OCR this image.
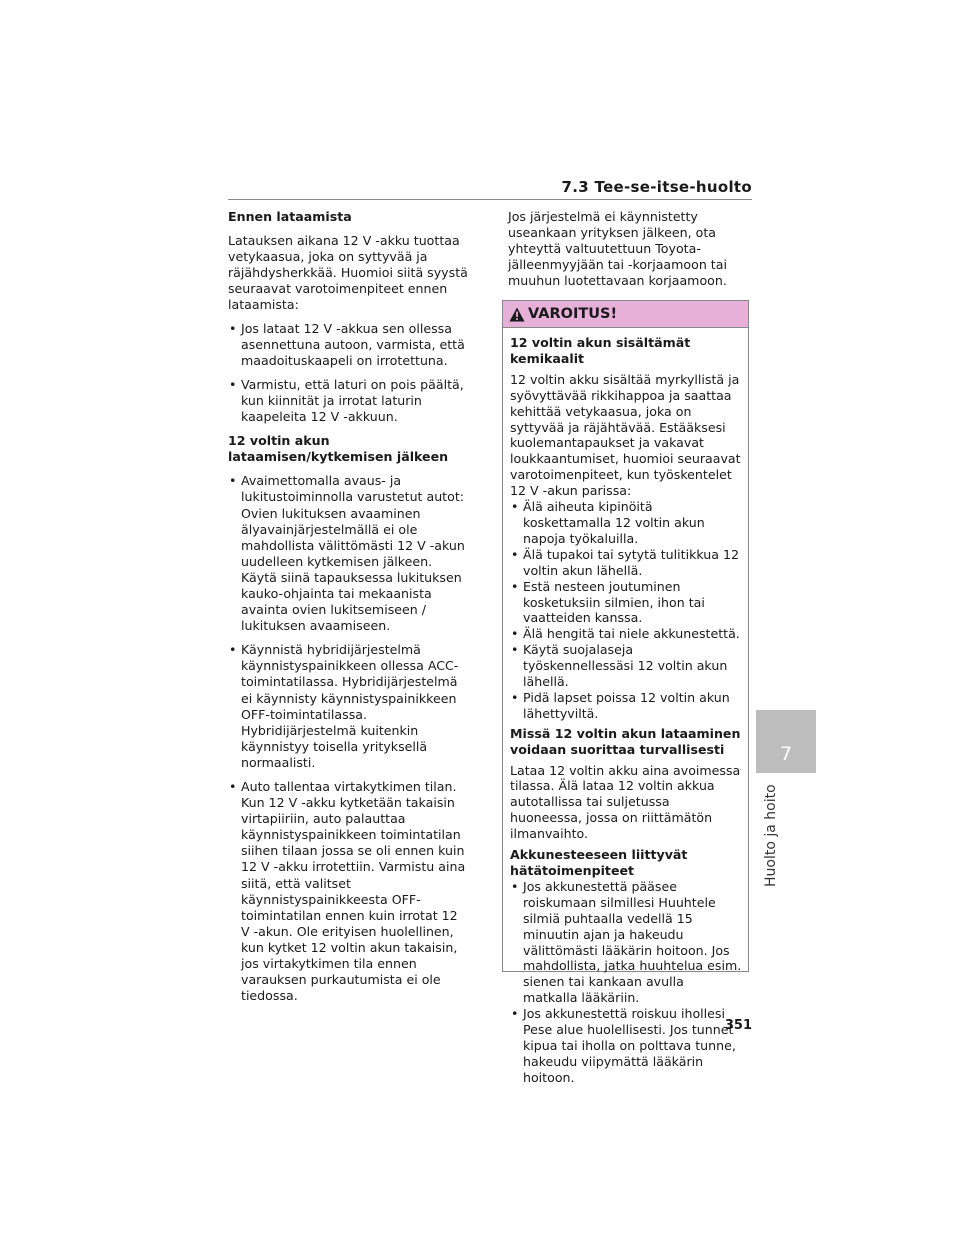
7.3 Tee-se-itse-huolto
Ennen lataamista

Latauksen aikana 12 V -akku tuottaa vetykaasua, joka on syttyvää ja räjähdysherkkää. Huomioi siitä syystä seuraavat varotoimenpiteet ennen lataamista:

• Jos lataat 12 V -akkua sen ollessa asennettuna autoon, varmista, että maadoituskaapeli on irrotettuna.
• Varmistu, että laturi on pois päältä, kun kiinnität ja irrotat laturin kaapeleita 12 V -akkuun.
12 voltin akun lataamisen/kytkemisen jälkeen
• Avaimettomalla avaus- ja lukitustoiminnolla varustetut autot: Ovien lukituksen avaaminen älyavainjärjestelmällä ei ole mahdollista välittömästi 12 V -akun uudelleen kytkemisen jälkeen. Käytä siinä tapauksessa lukituksen kauko-ohjainta tai mekaanista avainta ovien lukitsemiseen / lukituksen avaamiseen.
• Käynnistä hybridijärjestelmä käynnistyspainikkeen ollessa ACC-toimintatilassa. Hybridijärjestelmä ei käynnisty käynnistyspainikkeen OFF-toimintatilassa. Hybridijärjestelmä kuitenkin käynnistyy toisella yrityksellä normaalisti.
• Auto tallentaa virtakytkimen tilan. Kun 12 V -akku kytketään takaisin virtapiiriin, auto palauttaa käynnistyspainikkeen toimintatilan siihen tilaan jossa se oli ennen kuin 12 V -akku irrotettiin. Varmistu aina siitä, että valitset käynnistyspainikkeesta OFF-toimintatilan ennen kuin irrotat 12 V -akun. Ole erityisen huolellinen, kun kytket 12 voltin akun takaisin, jos virtakytkimen tila ennen varauksen purkautumista ei ole tiedossa.

Jos järjestelmä ei käynnistetty useankaan yrityksen jälkeen, ota yhteyttä valtuutettuun Toyota-jälleenmyyjään tai -korjaamoon tai muuhun luotettavaan korjaamoon.

VAROITUS!
12 voltin akun sisältämät kemikaalit

12 voltin akku sisältää myrkyllistä ja syövyttävää rikkihappoa ja saattaa kehittää vetykaasua, joka on syttyvää ja räjähtävää. Estääksesi kuolemantapaukset ja vakavat loukkaantumiset, huomioi seuraavat varotoimenpiteet, kun työskentelet 12 V -akun parissa:

• Älä aiheuta kipinöitä koskettamalla 12 voltin akun napoja työkaluilla.
• Älä tupakoi tai sytytä tulitikkua 12 voltin akun lähellä.
• Estä nesteen joutuminen kosketuksiin silmien, ihon tai vaatteiden kanssa.
• Älä hengitä tai niele akkunestettä.
• Käytä suojalaseja työskennellessäsi 12 voltin akun lähellä.
• Pidä lapset poissa 12 voltin akun lähettyviltä.
Missä 12 voltin akun lataaminen voidaan suorittaa turvallisesti

Lataa 12 voltin akku aina avoimessa tilassa. Älä lataa 12 voltin akkua autotallissa tai suljetussa huoneessa, jossa on riittämätön ilmanvaihto.

Akkunesteeseen liittyvät hätätoimenpiteet
• Jos akkunestettä pääsee roiskumaan silmillesi Huuhtele silmiä puhtaalla vedellä 15 minuutin ajan ja hakeudu välittömästi lääkärin hoitoon. Jos mahdollista, jatka huuhtelua esim. sienen tai kankaan avulla matkalla lääkäriin.
• Jos akkunestettä roiskuu ihollesi Pese alue huolellisesti. Jos tunnet kipua tai iholla on polttava tunne, hakeudu viipymättä lääkärin hoitoon.
7
Huolto ja hoito
351
